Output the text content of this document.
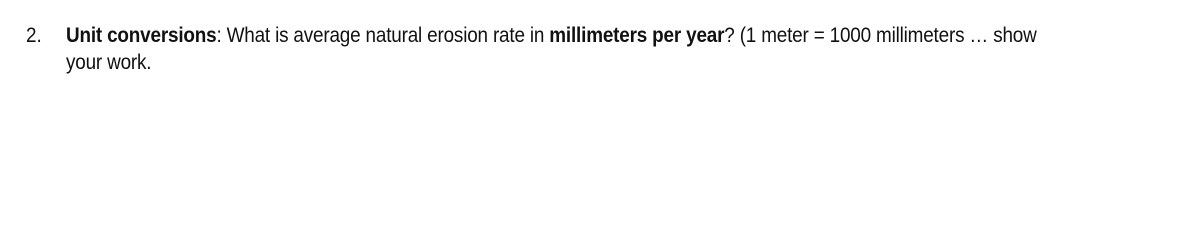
2.	Unit conversions: What is average natural erosion rate in millimeters per year? (1 meter = 1000 millimeters … show your work.
